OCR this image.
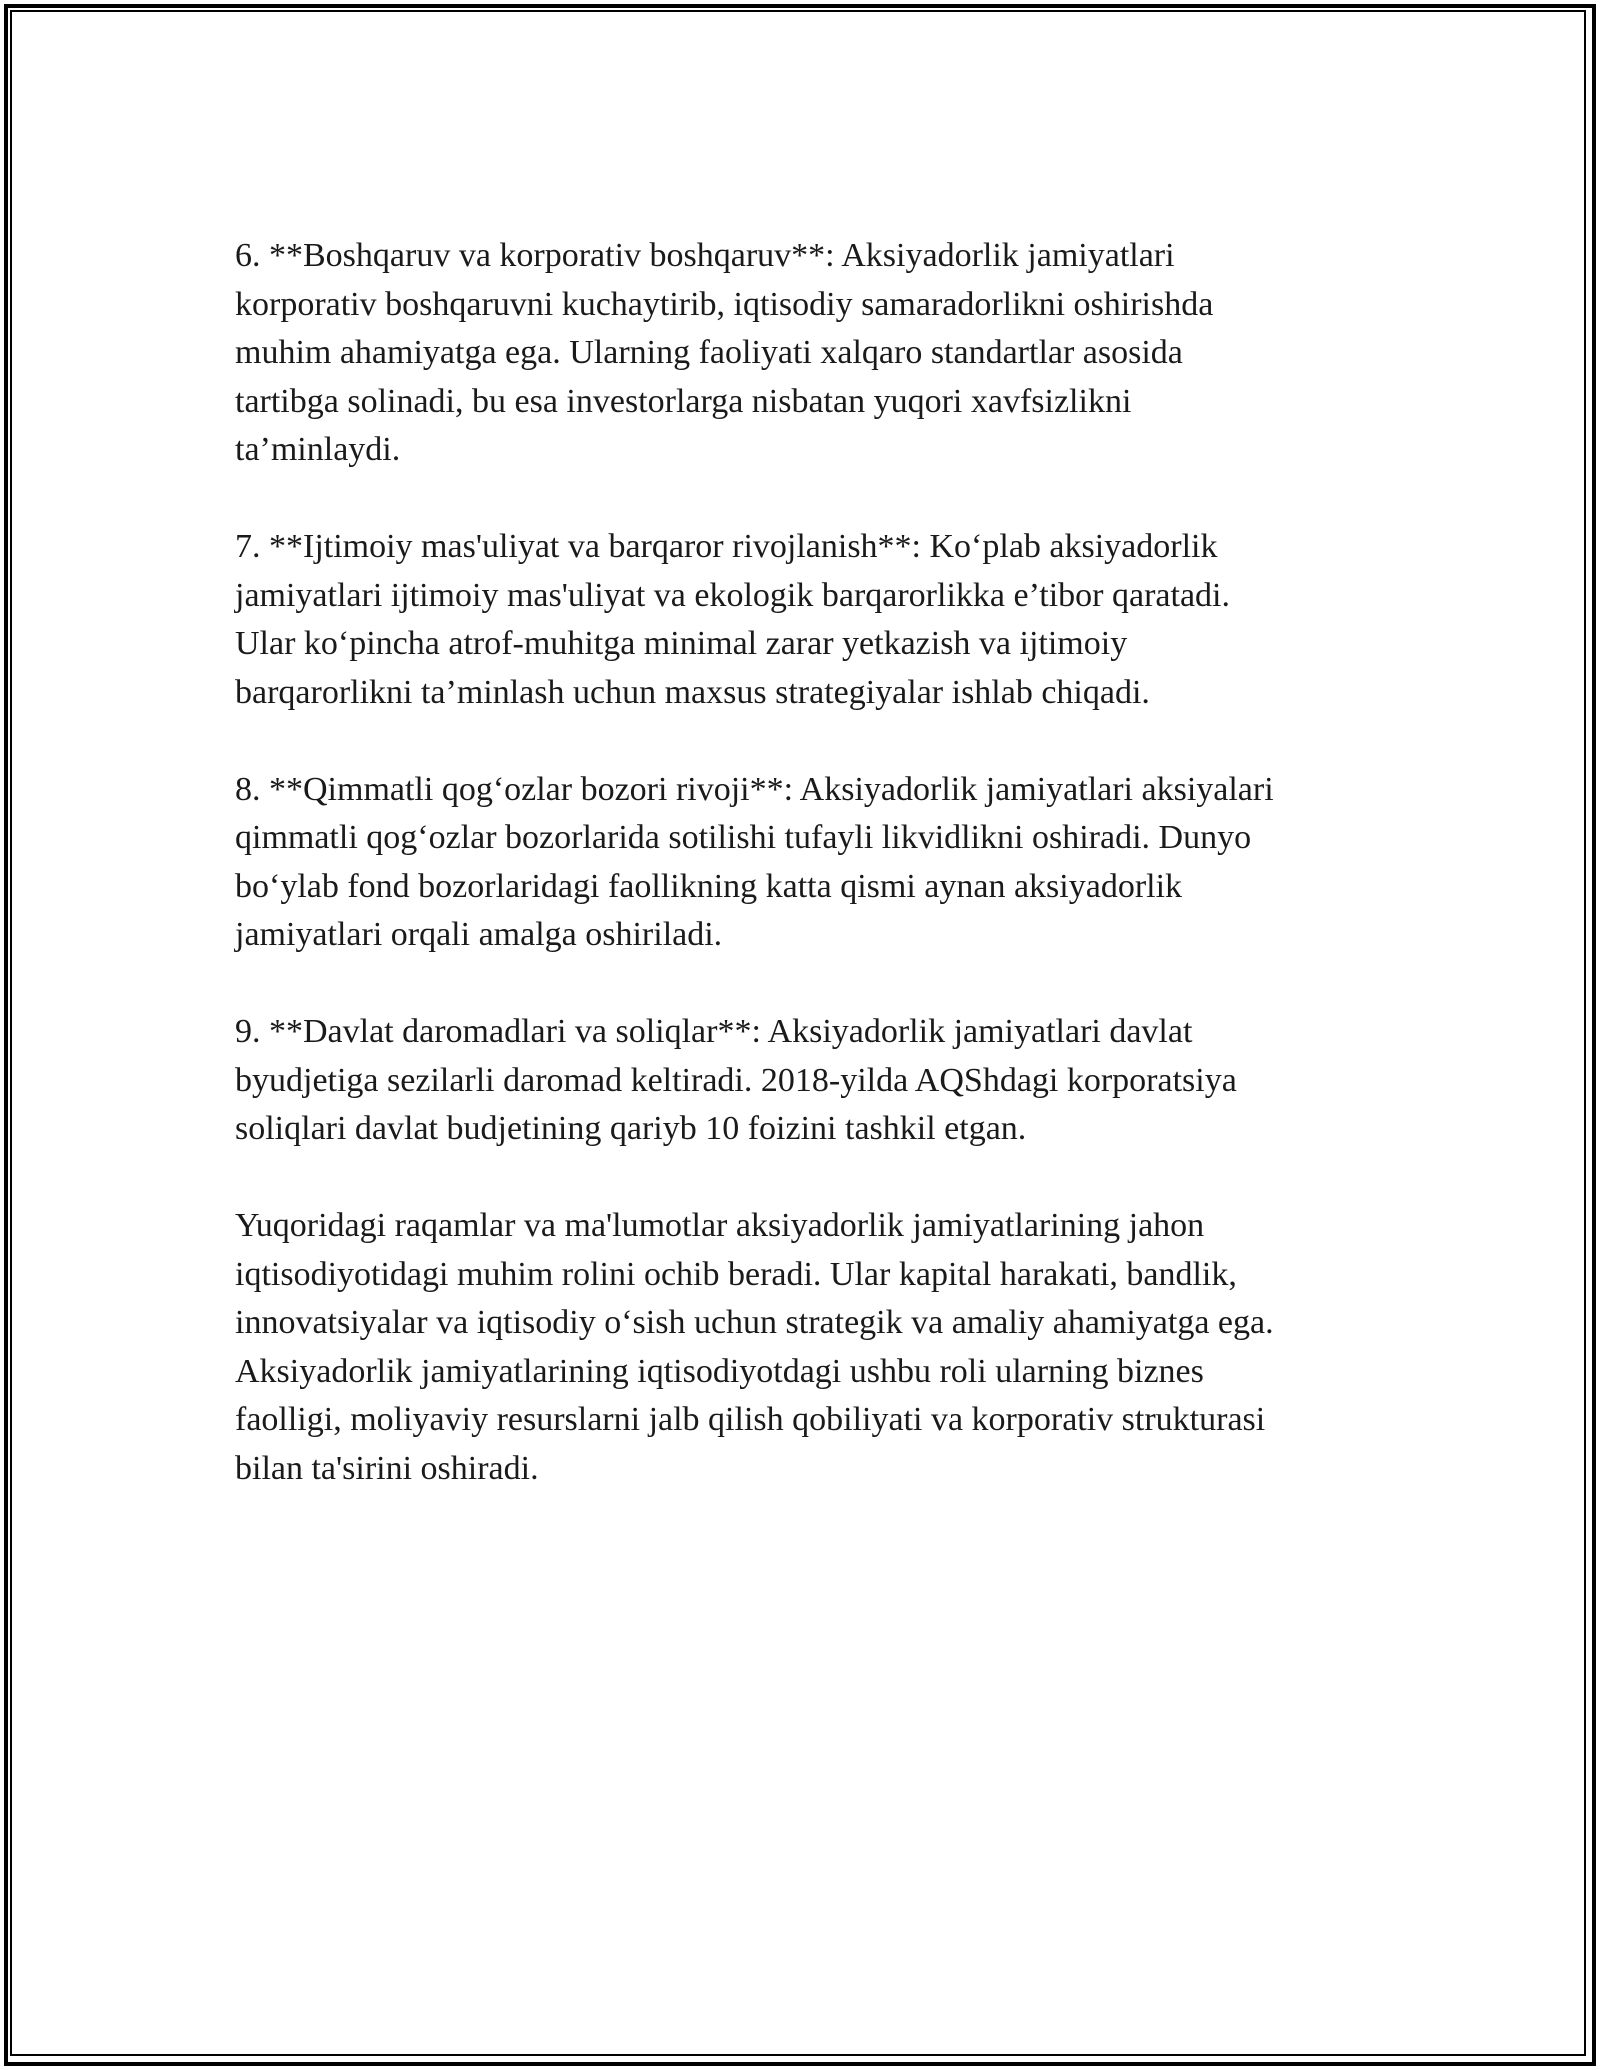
6. **Boshqaruv va korporativ boshqaruv**: Aksiyadorlik jamiyatlari
korporativ boshqaruvni kuchaytirib, iqtisodiy samaradorlikni oshirishda
muhim ahamiyatga ega. Ularning faoliyati xalqaro standartlar asosida
tartibga solinadi, bu esa investorlarga nisbatan yuqori xavfsizlikni
ta’minlaydi.

7. **Ijtimoiy mas'uliyat va barqaror rivojlanish**: Koʻplab aksiyadorlik
jamiyatlari ijtimoiy mas'uliyat va ekologik barqarorlikka e’tibor qaratadi.
Ular koʻpincha atrof-muhitga minimal zarar yetkazish va ijtimoiy
barqarorlikni ta’minlash uchun maxsus strategiyalar ishlab chiqadi.

8. **Qimmatli qogʻozlar bozori rivoji**: Aksiyadorlik jamiyatlari aksiyalari
qimmatli qogʻozlar bozorlarida sotilishi tufayli likvidlikni oshiradi. Dunyo
boʻylab fond bozorlaridagi faollikning katta qismi aynan aksiyadorlik
jamiyatlari orqali amalga oshiriladi.

9. **Davlat daromadlari va soliqlar**: Aksiyadorlik jamiyatlari davlat
byudjetiga sezilarli daromad keltiradi. 2018-yilda AQShdagi korporatsiya
soliqlari davlat budjetining qariyb 10 foizini tashkil etgan.

Yuqoridagi raqamlar va ma'lumotlar aksiyadorlik jamiyatlarining jahon
iqtisodiyotidagi muhim rolini ochib beradi. Ular kapital harakati, bandlik,
innovatsiyalar va iqtisodiy oʻsish uchun strategik va amaliy ahamiyatga ega.
Aksiyadorlik jamiyatlarining iqtisodiyotdagi ushbu roli ularning biznes
faolligi, moliyaviy resurslarni jalb qilish qobiliyati va korporativ strukturasi
bilan ta'sirini oshiradi.
